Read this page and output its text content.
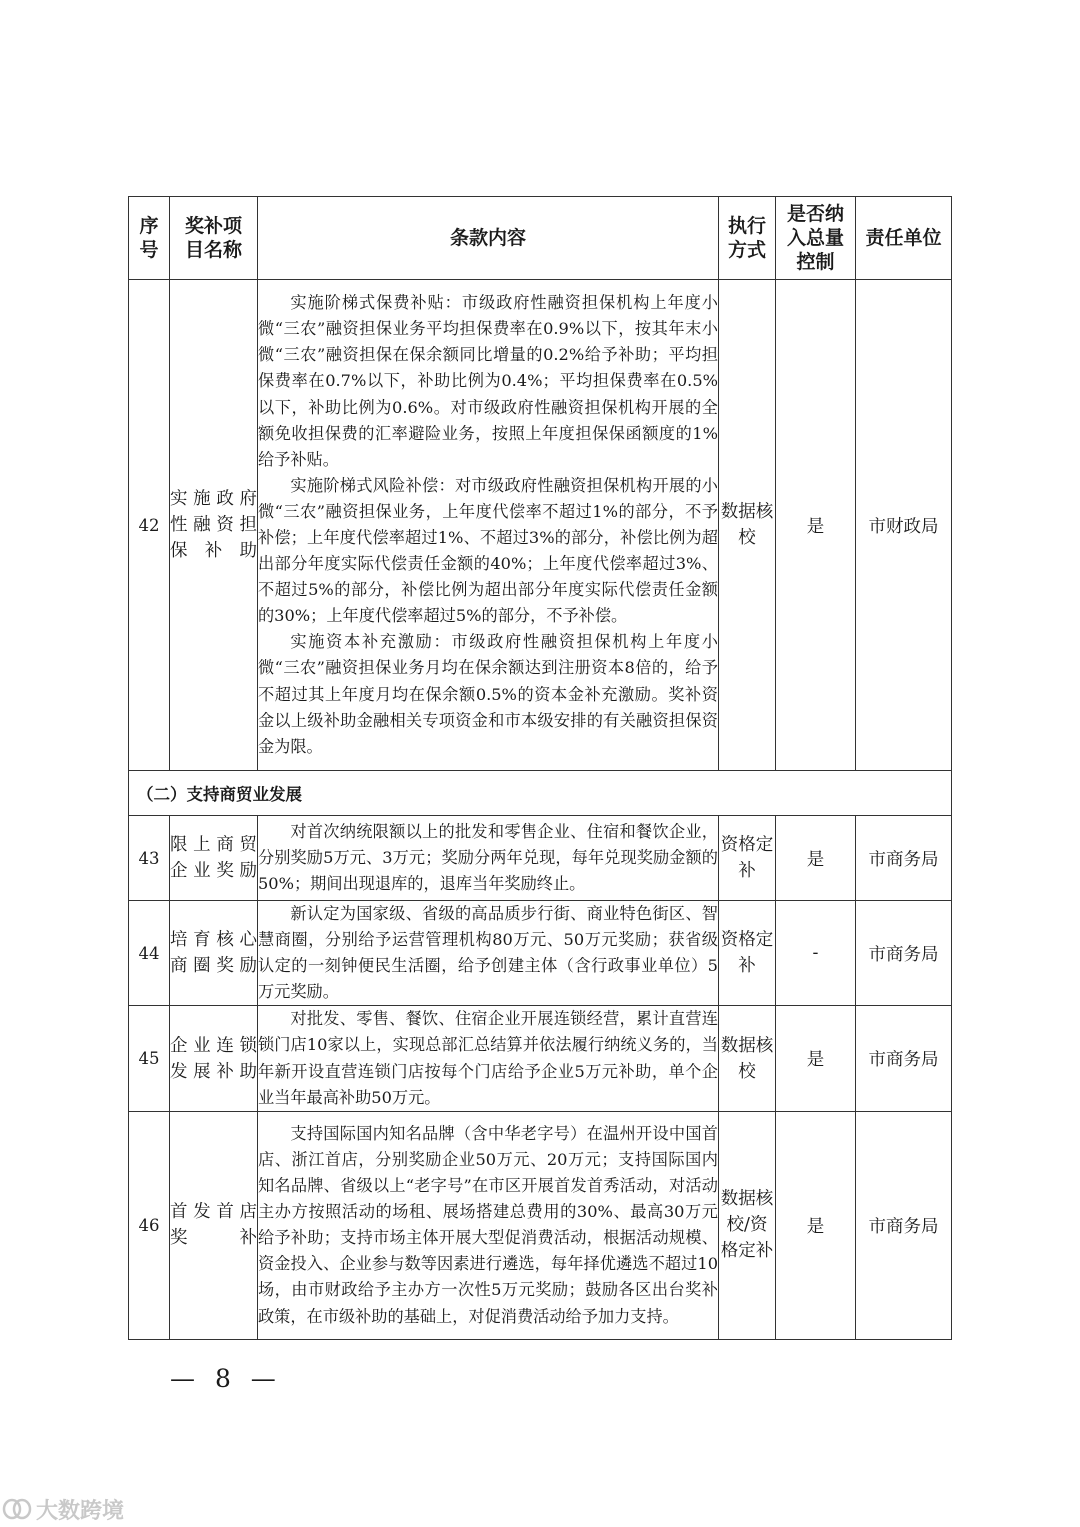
序号	奖补项目名称	条款内容	执行方式	是否纳入总量控制	责任单位
42	实施政府性融资担保补助	实施阶梯式保费补贴：市级政府性融资担保机构上年度小微“三农”融资担保业务平均担保费率在0.9%以下，按其年末小微“三农”融资担保在保余额同比增量的0.2%给予补助；平均担保费率在0.7%以下，补助比例为0.4%；平均担保费率在0.5%以下，补助比例为0.6%。对市级政府性融资担保机构开展的全额免收担保费的汇率避险业务，按照上年度担保保函额度的1%给予补贴。

实施阶梯式风险补偿：对市级政府性融资担保机构开展的小微“三农”融资担保业务，上年度代偿率不超过1%的部分，不予补偿；上年度代偿率超过1%、不超过3%的部分，补偿比例为超出部分年度实际代偿责任金额的40%；上年度代偿率超过3%、不超过5%的部分，补偿比例为超出部分年度实际代偿责任金额的30%；上年度代偿率超过5%的部分，不予补偿。

实施资本补充激励：市级政府性融资担保机构上年度小微“三农”融资担保业务月均在保余额达到注册资本8倍的，给予不超过其上年度月均在保余额0.5%的资本金补充激励。奖补资金以上级补助金融相关专项资金和市本级安排的有关融资担保资金为限。	数据核校	是	市财政局
（二）支持商贸业发展					
43	限上商贸企业奖励	对首次纳统限额以上的批发和零售企业、住宿和餐饮企业，分别奖励5万元、3万元；奖励分两年兑现，每年兑现奖励金额的50%；期间出现退库的，退库当年奖励终止。	资格定补	是	市商务局
44	培育核心商圈奖励	新认定为国家级、省级的高品质步行街、商业特色街区、智慧商圈，分别给予运营管理机构80万元、50万元奖励；获省级认定的一刻钟便民生活圈，给予创建主体（含行政事业单位）5万元奖励。	资格定补	-	市商务局
45	企业连锁发展补助	对批发、零售、餐饮、住宿企业开展连锁经营，累计直营连锁门店10家以上，实现总部汇总结算并依法履行纳统义务的，当年新开设直营连锁门店按每个门店给予企业5万元补助，单个企业当年最高补助50万元。	数据核校	是	市商务局
46	首发首店奖补	支持国际国内知名品牌（含中华老字号）在温州开设中国首店、浙江首店，分别奖励企业50万元、20万元；支持国际国内知名品牌、省级以上“老字号”在市区开展首发首秀活动，对活动主办方按照活动的场租、展场搭建总费用的30%、最高30万元给予补助；支持市场主体开展大型促消费活动，根据活动规模、资金投入、企业参与数等因素进行遴选，每年择优遴选不超过10场，由市财政给予主办方一次性5万元奖励；鼓励各区出台奖补政策，在市级补助的基础上，对促消费活动给予加力支持。	数据核校/资格定补	是	市商务局
— 8 —
大数跨境
